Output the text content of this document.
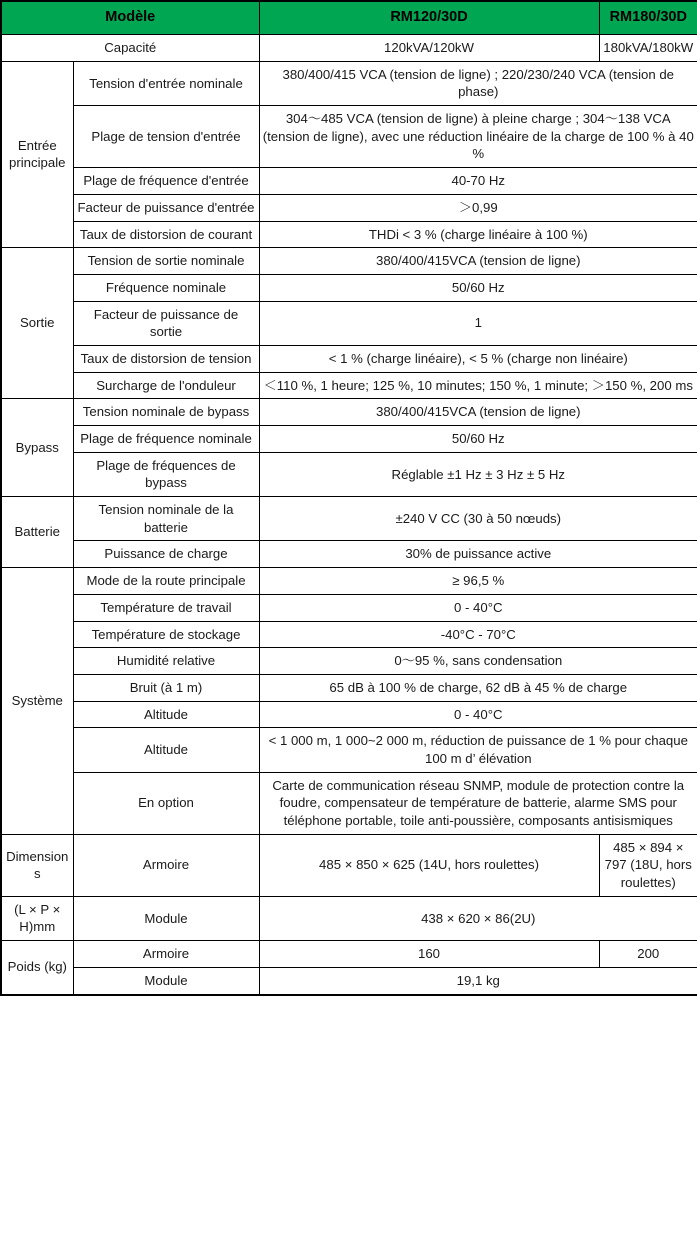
Modèle		RM120/30D	RM180/30D
Capacité		120kVA/120kW	180kVA/180kW
Entrée principale	Tension d'entrée nominale	380/400/415 VCA (tension de ligne) ; 220/230/240 VCA (tension de phase)	
	Plage de tension d'entrée	304～485 VCA (tension de ligne) à pleine charge ; 304～138 VCA (tension de ligne), avec une réduction linéaire de la charge de 100 % à 40 %	
	Plage de fréquence d'entrée	40-70 Hz	
	Facteur de puissance d'entrée	＞0,99	
	Taux de distorsion de courant	THDi < 3 % (charge linéaire à 100 %)	
Sortie	Tension de sortie nominale	380/400/415VCA (tension de ligne)	
	Fréquence nominale	50/60 Hz	
	Facteur de puissance de sortie	1	
	Taux de distorsion de tension	< 1 % (charge linéaire), < 5 % (charge non linéaire)	
	Surcharge de l'onduleur	＜110 %, 1 heure; 125 %, 10 minutes; 150 %, 1 minute; ＞150 %, 200 ms	
Bypass	Tension nominale de bypass	380/400/415VCA (tension de ligne)	
	Plage de fréquence nominale	50/60 Hz	
	Plage de fréquences de bypass	Réglable ±1 Hz ± 3 Hz ± 5 Hz	
Batterie	Tension nominale de la batterie	±240 V CC (30 à 50 nœuds)	
	Puissance de charge	30% de puissance active	
Système	Mode de la route principale	≥ 96,5 %	
	Température de travail	0 - 40°C	
	Température de stockage	-40°C - 70°C	
	Humidité relative	0～95 %, sans condensation	
	Bruit (à 1 m)	65 dB à 100 % de charge, 62 dB à 45 % de charge	
	Altitude	0 - 40°C	
	Altitude	< 1 000 m, 1 000~2 000 m, réduction de puissance de 1 % pour chaque 100 m d’ élévation	
	En option	Carte de communication réseau SNMP, module de protection contre la foudre, compensateur de température de batterie, alarme SMS pour téléphone portable, toile anti-poussière, composants antisismiques	
Dimensions	Armoire	485 × 850 × 625 (14U, hors roulettes)	485 × 894 × 797 (18U, hors roulettes)
(L × P × H)mm	Module	438 × 620 × 86(2U)	
Poids (kg)	Armoire	160	200
	Module	19,1 kg	
